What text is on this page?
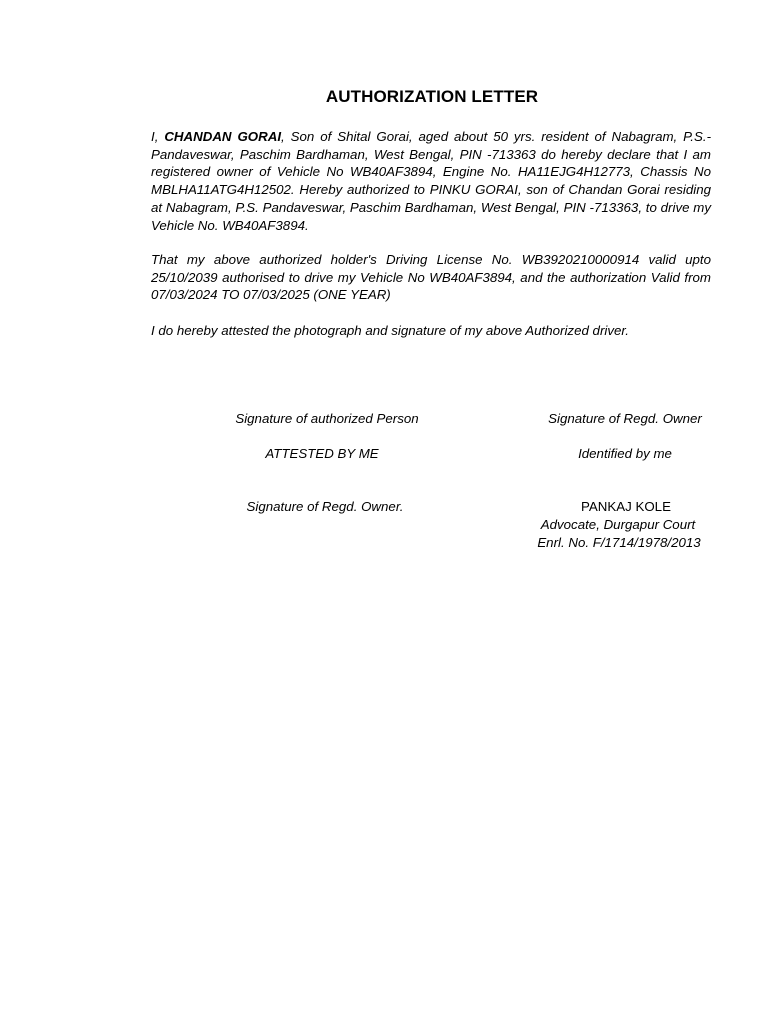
AUTHORIZATION LETTER

I, CHANDAN GORAI, Son of Shital Gorai, aged about 50 yrs. resident of Nabagram, P.S.- Pandaveswar, Paschim Bardhaman, West Bengal, PIN -713363 do hereby declare that I am registered owner of Vehicle No WB40AF3894, Engine No. HA11EJG4H12773, Chassis No MBLHA11ATG4H12502. Hereby authorized to PINKU GORAI, son of Chandan Gorai residing at Nabagram, P.S. Pandaveswar, Paschim Bardhaman, West Bengal, PIN -713363, to drive my Vehicle No. WB40AF3894.

That my above authorized holder's Driving License No. WB3920210000914 valid upto 25/10/2039 authorised to drive my Vehicle No WB40AF3894, and the authorization Valid from 07/03/2024 TO 07/03/2025 (ONE YEAR)

I do hereby attested the photograph and signature of my above Authorized driver.

Signature of authorized Person	Signature of Regd. Owner

ATTESTED BY ME	Identified by me

Signature of Regd. Owner.	PANKAJ KOLE

Advocate, Durgapur Court

Enrl. No. F/1714/1978/2013
